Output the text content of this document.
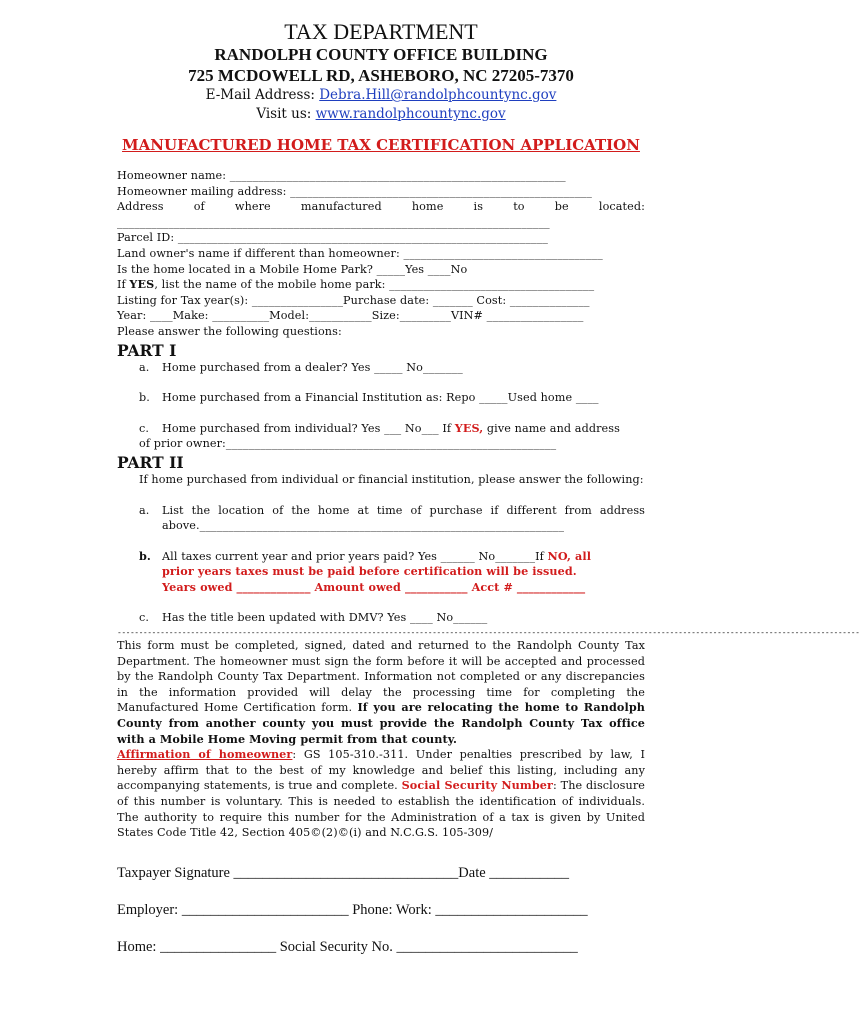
TAX DEPARTMENT
RANDOLPH COUNTY OFFICE BUILDING
725 MCDOWELL RD, ASHEBORO, NC 27205-7370
E-Mail Address: Debra.Hill@randolphcountync.gov
Visit us: www.randolphcountync.gov
MANUFACTURED HOME TAX CERTIFICATION APPLICATION
Homeowner name: ___________________________________________________________
Homeowner mailing address: _____________________________________________________
Address of where manufactured home is to be located:
____________________________________________________________________________
Parcel ID: _________________________________________________________________
Land owner's name if different than homeowner: ___________________________________
Is the home located in a Mobile Home Park? _____Yes ____No
If YES, list the name of the mobile home park: ____________________________________
Listing for Tax year(s): ________________Purchase date: _______ Cost: ______________
Year: ____Make: __________Model:___________Size:_________VIN# _________________
Please answer the following questions:
PART I
a.	Home purchased from a dealer? Yes _____ No_______
b.	Home purchased from a Financial Institution as: Repo _____Used home ____
c.	Home purchased from individual? Yes ___ No___ If YES, give name and address
of prior owner:__________________________________________________________
PART II
If home purchased from individual or financial institution, please answer the following:
a.	List the location of the home at time of purchase if different from address above.________________________________________________________________
b. All taxes current year and prior years paid? Yes ______ No_______If NO, all
prior years taxes must be paid before certification will be issued.
Years owed _____________ Amount owed ___________ Acct # ____________
c.	Has the title been updated with DMV? Yes ____ No______
----------------------------------------------------------------------------------------------------------------------------------------------------------------------------
This form must be completed, signed, dated and returned to the Randolph County Tax Department. The homeowner must sign the form before it will be accepted and processed by the Randolph County Tax Department. Information not completed or any discrepancies in the information provided will delay the processing time for completing the Manufactured Home Certification form. If you are relocating the home to Randolph County from another county you must provide the Randolph County Tax office with a Mobile Home Moving permit from that county.
Affirmation of homeowner: GS 105-310.-311. Under penalties prescribed by law, I hereby affirm that to the best of my knowledge and belief this listing, including any accompanying statements, is true and complete. Social Security Number: The disclosure of this number is voluntary. This is needed to establish the identification of individuals. The authority to require this number for the Administration of a tax is given by United States Code Title 42, Section 405©(2)©(i) and N.C.G.S. 105-309/
Taxpayer Signature _______________________________Date ___________
Employer: _______________________ Phone: Work: _____________________
Home: ________________ Social Security No. _________________________
